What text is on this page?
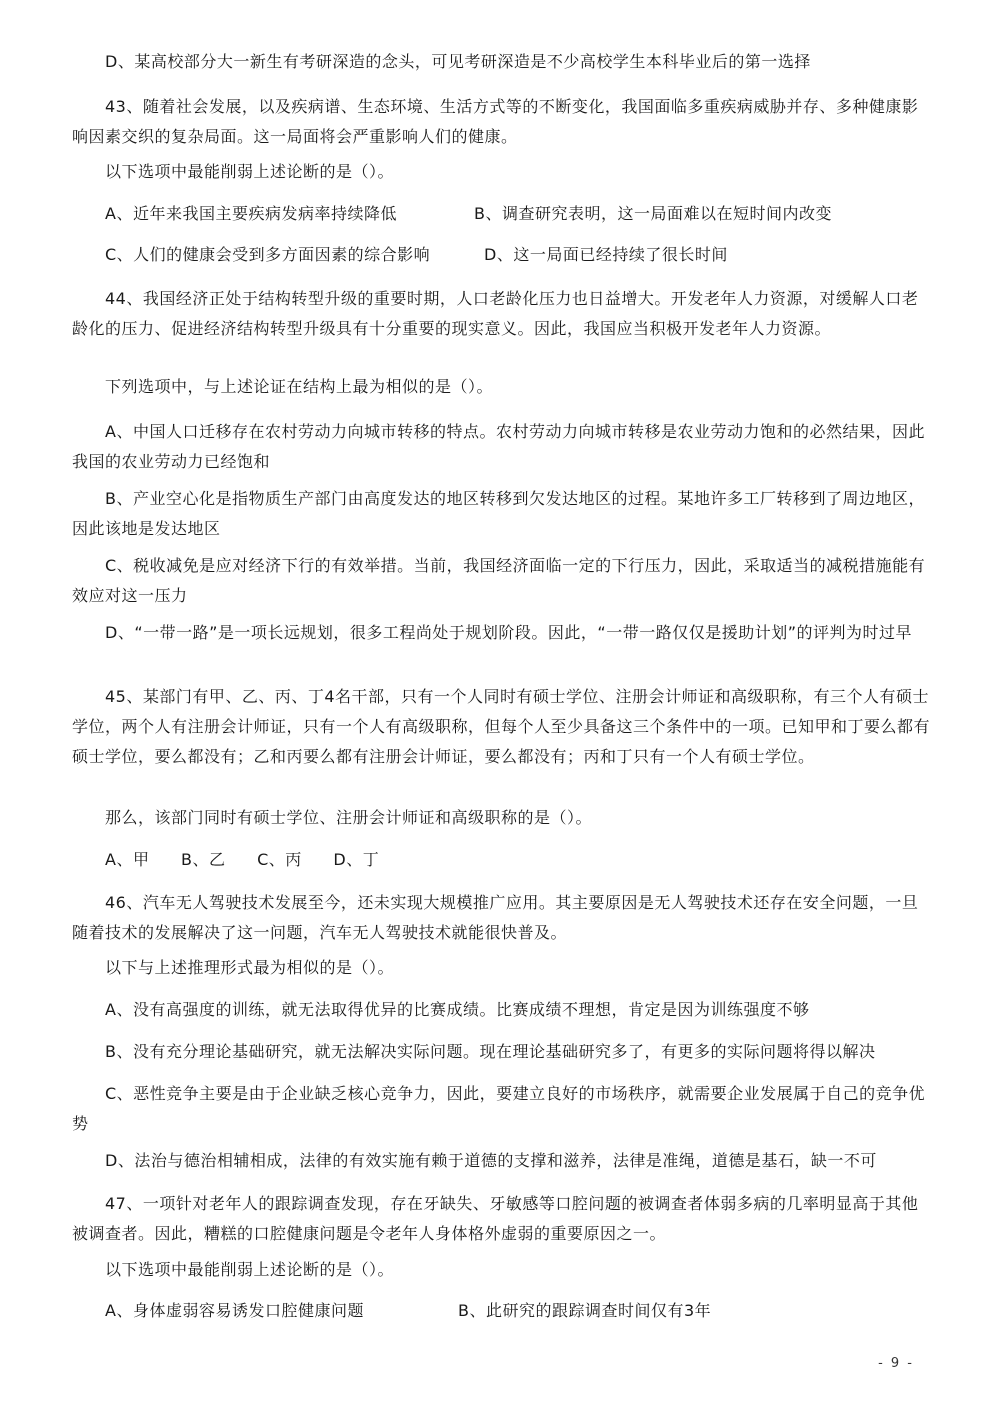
D、某高校部分大一新生有考研深造的念头，可见考研深造是不少高校学生本科毕业后的第一选择
43、随着社会发展，以及疾病谱、生态环境、生活方式等的不断变化，我国面临多重疾病威胁并存、多种健康影响因素交织的复杂局面。这一局面将会严重影响人们的健康。
以下选项中最能削弱上述论断的是（）。
A、近年来我国主要疾病发病率持续降低	B、调查研究表明，这一局面难以在短时间内改变
C、人们的健康会受到多方面因素的综合影响	D、这一局面已经持续了很长时间
44、我国经济正处于结构转型升级的重要时期，人口老龄化压力也日益增大。开发老年人力资源，对缓解人口老龄化的压力、促进经济结构转型升级具有十分重要的现实意义。因此，我国应当积极开发老年人力资源。
下列选项中，与上述论证在结构上最为相似的是（）。
A、中国人口迁移存在农村劳动力向城市转移的特点。农村劳动力向城市转移是农业劳动力饱和的必然结果，因此我国的农业劳动力已经饱和
B、产业空心化是指物质生产部门由高度发达的地区转移到欠发达地区的过程。某地许多工厂转移到了周边地区，因此该地是发达地区
C、税收减免是应对经济下行的有效举措。当前，我国经济面临一定的下行压力，因此，采取适当的减税措施能有效应对这一压力
D、“一带一路”是一项长远规划，很多工程尚处于规划阶段。因此，“一带一路仅仅是援助计划”的评判为时过早
45、某部门有甲、乙、丙、丁4名干部，只有一个人同时有硕士学位、注册会计师证和高级职称，有三个人有硕士学位，两个人有注册会计师证，只有一个人有高级职称，但每个人至少具备这三个条件中的一项。已知甲和丁要么都有硕士学位，要么都没有；乙和丙要么都有注册会计师证，要么都没有；丙和丁只有一个人有硕士学位。
那么，该部门同时有硕士学位、注册会计师证和高级职称的是（）。
A、甲 B、乙 C、丙 D、丁
46、汽车无人驾驶技术发展至今，还未实现大规模推广应用。其主要原因是无人驾驶技术还存在安全问题，一旦随着技术的发展解决了这一问题，汽车无人驾驶技术就能很快普及。
以下与上述推理形式最为相似的是（）。
A、没有高强度的训练，就无法取得优异的比赛成绩。比赛成绩不理想，肯定是因为训练强度不够
B、没有充分理论基础研究，就无法解决实际问题。现在理论基础研究多了，有更多的实际问题将得以解决
C、恶性竞争主要是由于企业缺乏核心竞争力，因此，要建立良好的市场秩序，就需要企业发展属于自己的竞争优势
D、法治与德治相辅相成，法律的有效实施有赖于道德的支撑和滋养，法律是准绳，道德是基石，缺一不可
47、一项针对老年人的跟踪调查发现，存在牙缺失、牙敏感等口腔问题的被调查者体弱多病的几率明显高于其他被调查者。因此，糟糕的口腔健康问题是令老年人身体格外虚弱的重要原因之一。
以下选项中最能削弱上述论断的是（）。
A、身体虚弱容易诱发口腔健康问题	B、此研究的跟踪调查时间仅有3年
- 9 -
